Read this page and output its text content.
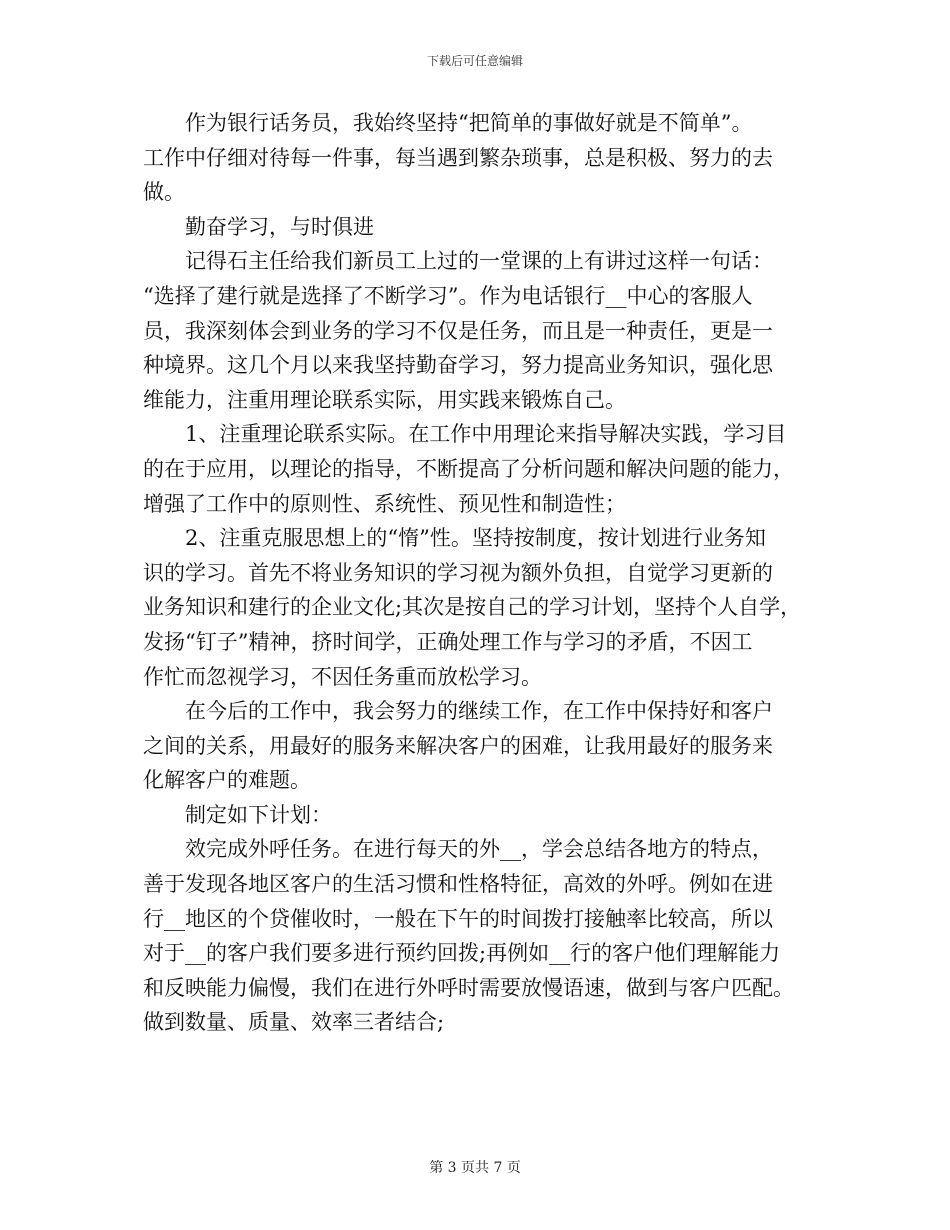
下载后可任意编辑

作为银行话务员，我始终坚持“把简单的事做好就是不简单”。
工作中仔细对待每一件事，每当遇到繁杂琐事，总是积极、努力的去
做。

勤奋学习，与时俱进

记得石主任给我们新员工上过的一堂课的上有讲过这样一句话：
“选择了建行就是选择了不断学习”。作为电话银行__中心的客服人
员，我深刻体会到业务的学习不仅是任务，而且是一种责任，更是一
种境界。这几个月以来我坚持勤奋学习，努力提高业务知识，强化思
维能力，注重用理论联系实际，用实践来锻炼自己。

1、注重理论联系实际。在工作中用理论来指导解决实践，学习目
的在于应用，以理论的指导，不断提高了分析问题和解决问题的能力，
增强了工作中的原则性、系统性、预见性和制造性；

2、注重克服思想上的“惰”性。坚持按制度，按计划进行业务知
识的学习。首先不将业务知识的学习视为额外负担，自觉学习更新的
业务知识和建行的企业文化;其次是按自己的学习计划，坚持个人自学，
发扬“钉子”精神，挤时间学，正确处理工作与学习的矛盾，不因工
作忙而忽视学习，不因任务重而放松学习。

在今后的工作中，我会努力的继续工作，在工作中保持好和客户
之间的关系，用最好的服务来解决客户的困难，让我用最好的服务来
化解客户的难题。

制定如下计划：

效完成外呼任务。在进行每天的外__，学会总结各地方的特点，
善于发现各地区客户的生活习惯和性格特征，高效的外呼。例如在进
行__地区的个贷催收时，一般在下午的时间拨打接触率比较高，所以
对于__的客户我们要多进行预约回拨;再例如__行的客户他们理解能力
和反映能力偏慢，我们在进行外呼时需要放慢语速，做到与客户匹配。
做到数量、质量、效率三者结合;

第 3 页共 7 页
